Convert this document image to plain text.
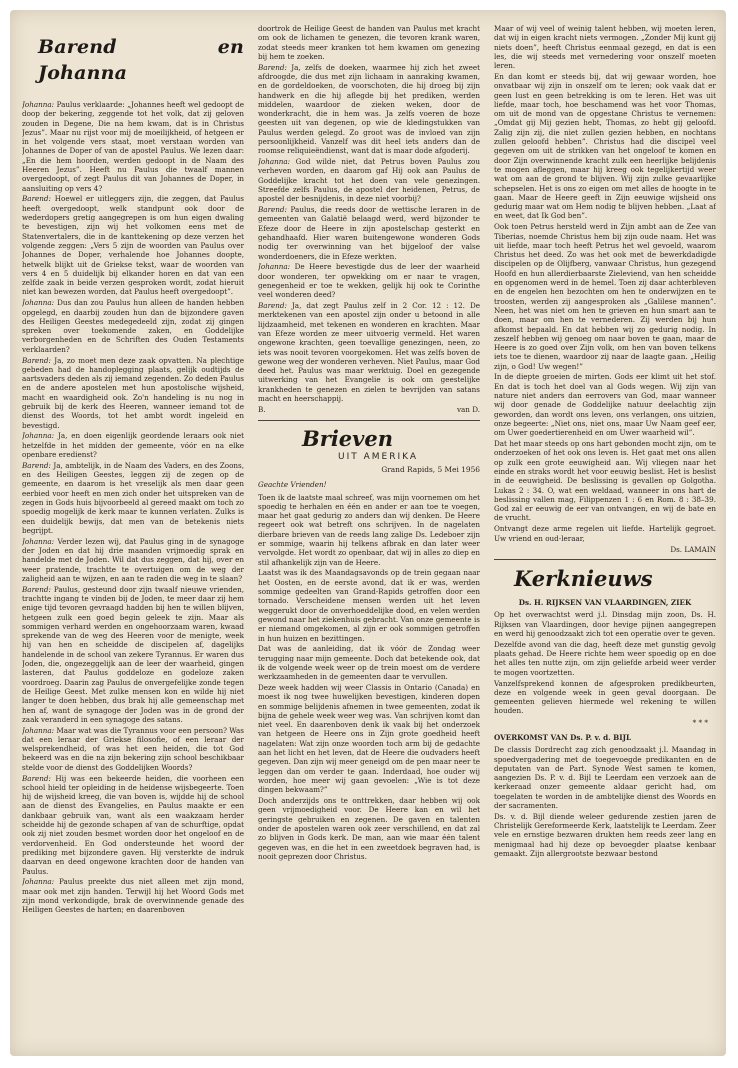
Barend en Johanna

Johanna: Paulus verklaarde: „Johannes heeft wel gedoopt de doop der bekering, zeggende tot het volk, dat zij geloven zouden in Degene, Die na hem kwam, dat is in Christus Jezus”. Maar nu rijst voor mij de moeilijkheid, of hetgeen er in het volgende vers staat, moet verstaan worden van Johannes de Doper of van de apostel Paulus. We lezen daar: „En die hem hoorden, werden gedoopt in de Naam des Heeren Jezus”. Heeft nu Paulus die twaalf mannen overgedoopt, of zegt Paulus dit van Johannes de Doper, in aansluiting op vers 4?

Barend: Hoewel er uitleggers zijn, die zeggen, dat Paulus heeft overgedoopt, welk standpunt ook door de wederdopers gretig aangegrepen is om hun eigen dwaling te bevestigen, zijn wij het volkomen eens met de Statenvertalers, die in de kanttekening op deze verzen het volgende zeggen: „Vers 5 zijn de woorden van Paulus over Johannes de Doper, verhalende hoe Johannes doopte, hetwelk blijkt uit de Griekse tekst, waar de woorden van vers 4 en 5 duidelijk bij elkander horen en dat van een zelfde zaak in beide verzen gesproken wordt, zodat hieruit niet kan bewezen worden, dat Paulus heeft overgedoopt”.

Johanna: Dus dan zou Paulus hun alleen de handen hebben opgelegd, en daarbij zouden hun dan de bijzondere gaven des Heiligen Geestes medegedeeld zijn, zodat zij gingen spreken over toekomende zaken, en Goddelijke verborgenheden en de Schriften des Ouden Testaments verklaarden?

Barend: Ja, zo moet men deze zaak opvatten. Na plechtige gebeden had de handoplegging plaats, gelijk oudtijds de aartsvaders deden als zij iemand zegenden. Zo deden Paulus en de andere apostelen met hun apostolische wijsheid, macht en waardigheid ook. Zo'n handeling is nu nog in gebruik bij de kerk des Heeren, wanneer iemand tot de dienst des Woords, tot het ambt wordt ingeleid en bevestigd.

Johanna: Ja, en doen eigenlijk geordende leraars ook niet hetzelfde in het midden der gemeente, vóór en na elke openbare eredienst?

Barend: Ja, ambtelijk, in de Naam des Vaders, en des Zoons, en des Heiligen Geestes, leggen zij de zegen op de gemeente, en daarom is het vreselijk als men daar geen eerbied voor heeft en men zich onder het uitspreken van de zegen in Gods huis bijvoorbeeld al gereed maakt om toch zo spoedig mogelijk de kerk maar te kunnen verlaten. Zulks is een duidelijk bewijs, dat men van de betekenis niets begrijpt.

Johanna: Verder lezen wij, dat Paulus ging in de synagoge der Joden en dat hij drie maanden vrijmoedig sprak en handelde met de Joden. Wil dat dus zeggen, dat hij, over en weer pratende, trachtte te overtuigen om de weg der zaligheid aan te wijzen, en aan te raden die weg in te slaan?

Barend: Paulus, gesteund door zijn twaalf nieuwe vrienden, trachtte ingang te vinden bij de Joden, te meer daar zij hem enige tijd tevoren gevraagd hadden bij hen te willen blijven, hetgeen zulk een goed begin geleek te zijn. Maar als sommigen verhard werden en ongehoorzaam waren, kwaad sprekende van de weg des Heeren voor de menigte, week hij van hen en scheidde de discipelen af, dagelijks handelende in de school van zekere Tyrannus. Er waren dus Joden, die, ongezeggelijk aan de leer der waarheid, gingen lasteren, dat Paulus goddeloze en godeloze zaken voordroeg. Daarin zag Paulus de onvergefelijke zonde tegen de Heilige Geest. Met zulke mensen kon en wilde hij niet langer te doen hebben, dus brak hij alle gemeenschap met hen af, want de synagoge der Joden was in de grond der zaak veranderd in een synagoge des satans.

Johanna: Maar wat was die Tyrannus voor een persoon? Was dat een leraar der Griekse filosofie, of een leraar der welsprekendheid, of was het een heiden, die tot God bekeerd was en die na zijn bekering zijn school beschikbaar stelde voor de dienst des Goddelijken Woords?

Barend: Hij was een bekeerde heiden, die voorheen een school hield ter opleiding in de heidense wijsbegeerte. Toen hij de wijsheid kreeg, die van boven is, wijdde hij de school aan de dienst des Evangelies, en Paulus maakte er een dankbaar gebruik van, want als een waakzaam herder scheidde hij de gezonde schapen af van de schurftige, opdat ook zij niet zouden besmet worden door het ongeloof en de verdorvenheid. En God ondersteunde het woord der prediking met bijzondere gaven. Hij versterkte de indruk daarvan en deed ongewone krachten door de handen van Paulus.

Johanna: Paulus preekte dus niet alleen met zijn mond, maar ook met zijn handen. Terwijl hij het Woord Gods met zijn mond verkondigde, brak de overwinnende genade des Heiligen Geestes de harten; en daarenboven

doortrok de Heilige Geest de handen van Paulus met kracht om ook de lichamen te genezen, die tevoren krank waren, zodat steeds meer kranken tot hem kwamen om genezing bij hem te zoeken.

Barend: Ja, zelfs de doeken, waarmee hij zich het zweet afdroogde, die dus met zijn lichaam in aanraking kwamen, en de gordeldoeken, de voorschoten, die hij droeg bij zijn handwerk en die hij aflegde bij het prediken, werden middelen, waardoor de zieken weken, door de wonderkracht, die in hem was. Ja zelfs voeren de boze geesten uit van degenen, op wie de kledingstukken van Paulus werden gelegd. Zo groot was de invloed van zijn persoonlijkheid. Vanzelf was dit heel iets anders dan de roomse reliquieëndienst, want dat is maar dode afgoderij.

Johanna: God wilde niet, dat Petrus boven Paulus zou verheven worden, en daarom gaf Hij ook aan Paulus de Goddelijke kracht tot het doen van vele genezingen. Streefde zelfs Paulus, de apostel der heidenen, Petrus, de apostel der besnijdenis, in deze niet voorbij?

Barend: Paulus, die reeds door de wettische leraren in de gemeenten van Galatië belaagd werd, werd bijzonder te Efeze door de Heere in zijn apostelschap gesterkt en gehandhaafd. Hier waren buitengewone wonderen Gods nodig ter overwinning van het bijgeloof der valse wonderdoeners, die in Efeze werkten.

Johanna: De Heere bevestigde dus de leer der waarheid door wonderen, ter opwekking om er naar te vragen, genegenheid er toe te wekken, gelijk hij ook te Corinthe veel wonderen deed?

Barend: Ja, dat zegt Paulus zelf in 2 Cor. 12 : 12. De merktekenen van een apostel zijn onder u betoond in alle lijdzaamheid, met tekenen en wonderen en krachten. Maar van Efeze worden ze meer uitvoerig vermeld. Het waren ongewone krachten, geen toevallige genezingen, neen, zo iets was nooit tevoren voorgekomen. Het was zelfs boven de gewone weg der wonderen verheven. Niet Paulus, maar God deed het. Paulus was maar werktuig. Doel en gezegende uitwerking van het Evangelie is ook om geestelijke krankheden te genezen en zielen te bevrijden van satans macht en heerschappij.

B.	van D.
Brieven
UIT AMERIKA
Grand Rapids, 5 Mei 1956
Geachte Vrienden!

Toen ik de laatste maal schreef, was mijn voornemen om het spoedig te herhalen en één en ander er aan toe te voegen, maar het gaat gedurig zo anders dan wij denken. De Heere regeert ook wat betreft ons schrijven. In de nagelaten dierbare brieven van de reeds lang zalige Ds. Ledeboer zijn er sommige, waarin hij telkens afbrak en dan later weer vervolgde. Het wordt zo openbaar, dat wij in alles zo diep en stil afhankelijk zijn van de Heere.

Laatst was ik des Maandagsavonds op de trein gegaan naar het Oosten, en de eerste avond, dat ik er was, werden sommige gedeelten van Grand-Rapids getroffen door een tornado. Verscheidene mensen werden uit het leven weggerukt door de onverhoeddelijke dood, en velen werden gewond naar het ziekenhuis gebracht. Van onze gemeente is er niemand omgekomen, al zijn er ook sommigen getroffen in hun huizen en bezittingen.

Dat was de aanleiding, dat ik vóór de Zondag weer terugging naar mijn gemeente. Doch dat betekende ook, dat ik de volgende week weer op de trein moest om de verdere werkzaamheden in de gemeenten daar te vervullen.

Deze week hadden wij weer Classis in Ontario (Canada) en moest ik nog twee huwelijken bevestigen, kinderen dopen en sommige belijdenis afnemen in twee gemeenten, zodat ik bijna de gehele week weer weg was. Van schrijven komt dan niet veel. En daarenboven denk ik vaak bij het onderzoek van hetgeen de Heere ons in Zijn grote goedheid heeft nagelaten: Wat zijn onze woorden toch arm bij de gedachte aan het licht en het leven, dat de Heere die oudvaders heeft gegeven. Dan zijn wij meer geneigd om de pen maar neer te leggen dan om verder te gaan. Inderdaad, hoe ouder wij worden, hoe meer wij gaan gevoelen: „Wie is tot deze dingen bekwaam?”

Doch anderzijds ons te onttrekken, daar hebben wij ook geen vrijmoedigheid voor. De Heere kan en wil het geringste gebruiken en zegenen. De gaven en talenten onder de apostelen waren ook zeer verschillend, en dat zal zo blijven in Gods kerk. De man, aan wie maar één talent gegeven was, en die het in een zweetdoek begraven had, is nooit geprezen door Christus.

Maar of wij veel of weinig talent hebben, wij moeten leren, dat wij in eigen kracht niets vermogen. „Zonder Mij kunt gij niets doen”, heeft Christus eenmaal gezegd, en dat is een les, die wij steeds met vernedering voor onszelf moeten leren.

En dan komt er steeds bij, dat wij gewaar worden, hoe onvatbaar wij zijn in onszelf om te leren; ook vaak dat er geen lust en geen betrekking is om te leren. Het was uit liefde, maar toch, hoe beschamend was het voor Thomas, om uit de mond van de opgestane Christus te vernemen: „Omdat gij Mij gezien hebt, Thomas, zo hebt gij geloofd. Zalig zijn zij, die niet zullen gezien hebben, en nochtans zullen geloofd hebben”. Christus had die discipel veel gegeven om uit de strikken van het ongeloof te komen en door Zijn overwinnende kracht zulk een heerlijke belijdenis te mogen afleggen, maar hij kreeg ook tegelijkertijd weer wat om aan de grond te blijven. Wij zijn zulke gevaarlijke schepselen. Het is ons zo eigen om met alles de hoogte in te gaan. Maar de Heere geeft in Zijn eeuwige wijsheid ons gedurig maar wat om Hem nodig te blijven hebben. „Laat af en weet, dat Ik God ben”.

Ook toen Petrus hersteld werd in Zijn ambt aan de Zee van Tiberias, noemde Christus hem bij zijn oude naam. Het was uit liefde, maar toch heeft Petrus het wel gevoeld, waarom Christus het deed. Zo was het ook met de bewerkdadigde discipelen op de Olijfberg, vanwaar Christus, hun gezegend Hoofd en hun allerdierbaarste Zieleviend, van hen scheidde en opgenomen werd in de hemel. Toen zij daar achterbleven en de engelen hen bezochten om hen te onderwijzen en te troosten, werden zij aangesproken als „Galilese mannen”. Neen, het was niet om hen te grieven en hun smart aan te doen, maar om hen te vernederen. Zij werden bij hun afkomst bepaald. En dat hebben wij zo gedurig nodig. In zeszelf hebben wij genoeg om naar boven te gaan, maar de Heere is zo goed over Zijn volk, om hen van boven telkens iets toe te dienen, waardoor zij naar de laagte gaan. „Heilig zijn, o God! Uw wegen!”

In de diepte groeien de mirten. Gods eer klimt uit het stof. En dat is toch het doel van al Gods wegen. Wij zijn van nature niet anders dan eerrovers van God, maar wanneer wij door genade de Goddelijke natuur deelachtig zijn geworden, dan wordt ons leven, ons verlangen, ons uitzien, onze begeerte: „Niet ons, niet ons, maar Uw Naam geef eer, om Uwer goedertierenheid en om Uwer waarheid wil”.

Dat het maar steeds op ons hart gebonden mocht zijn, om te onderzoeken of het ook ons leven is. Het gaat met ons allen op zulk een grote eeuwigheid aan. Wij vliegen naar het einde en straks wordt het voor eeuwig beslist. Het is beslist in de eeuwigheid. De beslissing is gevallen op Golgotha. Lukas 2 : 34. O, wat een weldaad, wanneer in ons hart de beslissing vallen mag, Filippenzen 1 : 6 en Rom. 8 : 38–39. God zal er eeuwig de eer van ontvangen, en wij de bate en de vrucht.

Ontvangt deze arme regelen uit liefde. Hartelijk gegroet. Uw vriend en oud-leraar,

Ds. LAMAIN
Kerknieuws
Ds. H. RIJKSEN VAN VLAARDINGEN, ZIEK

Op het overwachtst werd j.l. Dinsdag mijn zoon, Ds. H. Rijksen van Vlaardingen, door hevige pijnen aangegrepen en werd hij genoodzaakt zich tot een operatie over te geven.

Dezelfde avond van die dag, heeft deze met gunstig gevolg plaats gehad. De Heere richte hem weer spoedig op en doe het alles ten nutte zijn, om zijn geliefde arbeid weer verder te mogen voortzetten.

Vanzelfsprekend konnen de afgesproken predikbeurten, deze en volgende week in geen geval doorgaan. De gemeenten gelieven hiermede wel rekening te willen houden.

* * *
OVERKOMST VAN Ds. P. v. d. BIJL

De classis Dordrecht zag zich genoodzaakt j.l. Maandag in spoedvergadering met de toegevoegde predikanten en de deputaten van de Part. Synode West samen te komen, aangezien Ds. P. v. d. Bijl te Leerdam een verzoek aan de kerkeraad onzer gemeente aldaar gericht had, om toegelaten te worden in de ambtelijke dienst des Woords en der sacramenten.

Ds. v. d. Bijl diende weleer gedurende zestien jaren de Christelijk Gereformeerde Kerk, laatstelijk te Leerdam. Zeer vele en ernstige bezwaren drukten hem reeds zeer lang en menigmaal had hij deze op bevoegder plaatse kenbaar gemaakt. Zijn allergrootste bezwaar bestond
